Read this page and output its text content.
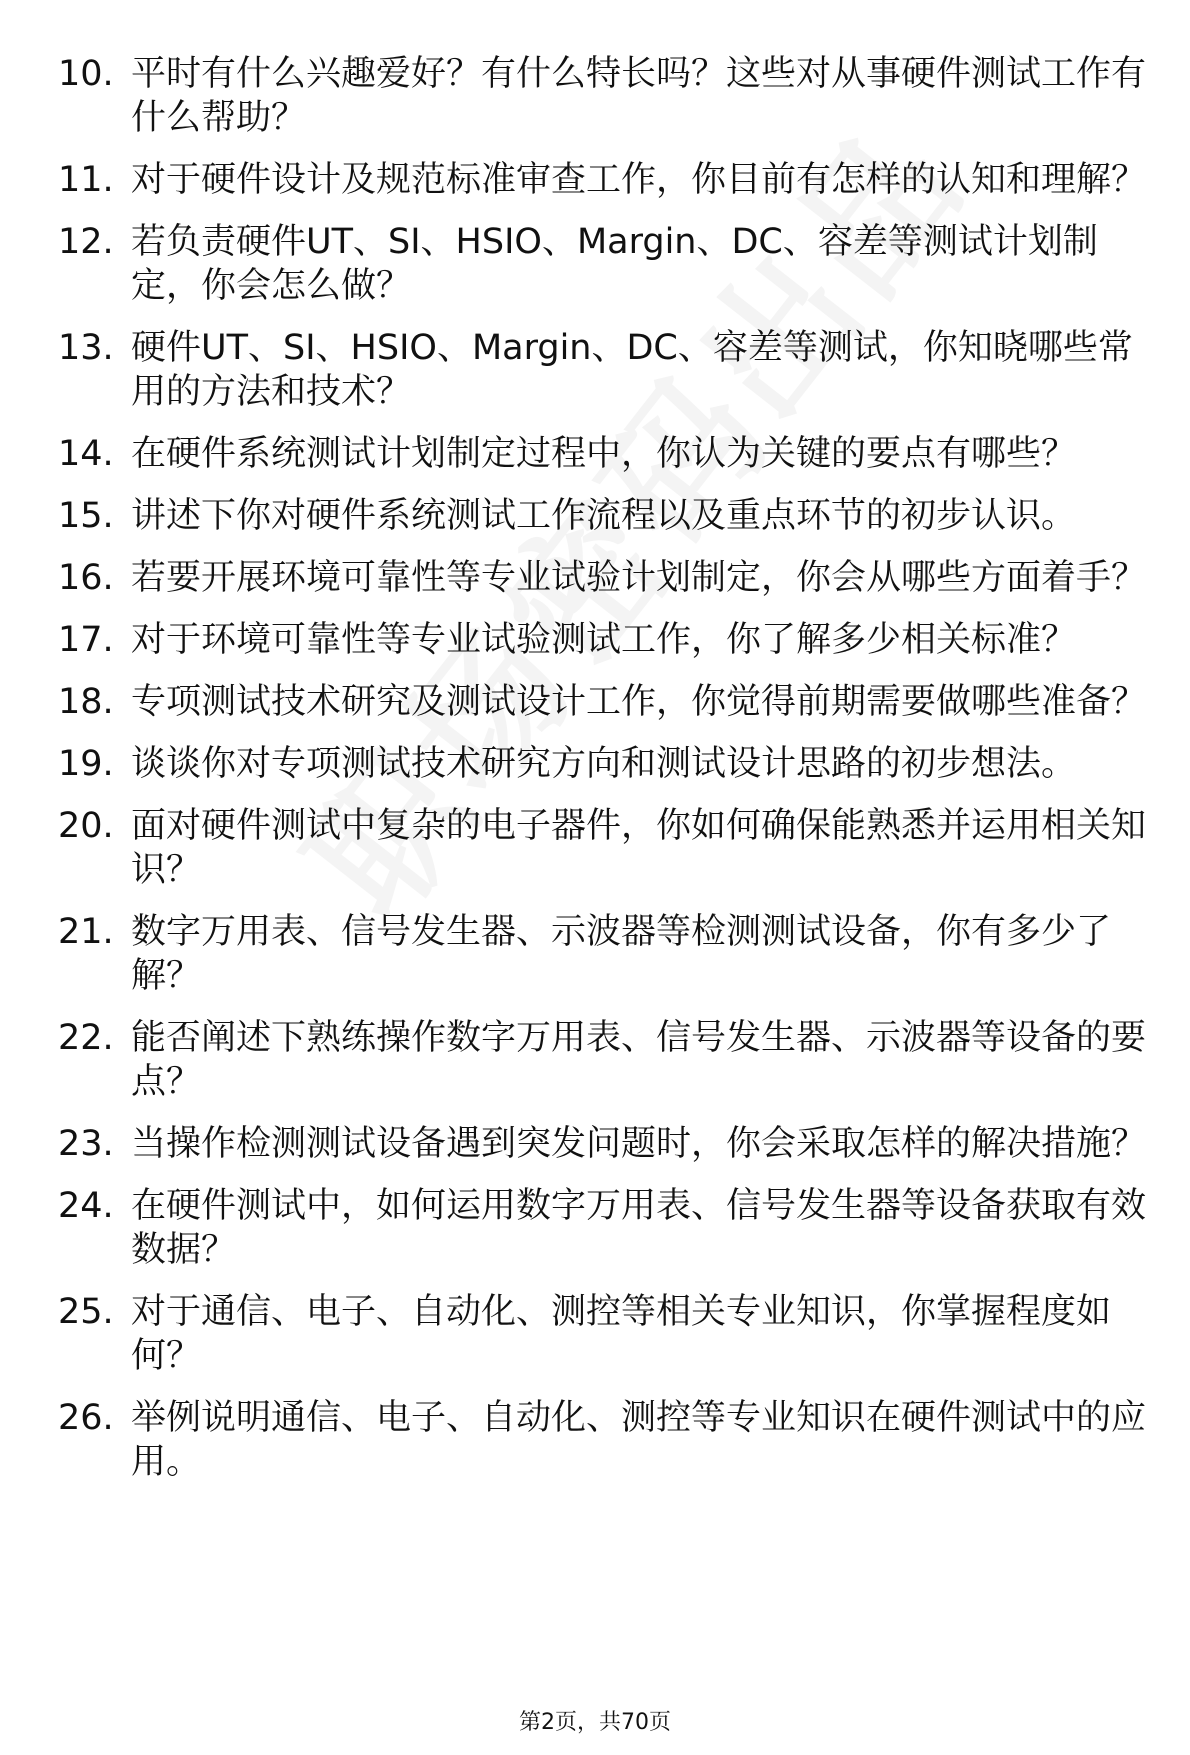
10. 平时有什么兴趣爱好？有什么特长吗？这些对从事硬件测试工作有什么帮助？
11. 对于硬件设计及规范标准审查工作，你目前有怎样的认知和理解？
12. 若负责硬件UT、SI、HSIO、Margin、DC、容差等测试计划制定，你会怎么做？
13. 硬件UT、SI、HSIO、Margin、DC、容差等测试，你知晓哪些常用的方法和技术？
14. 在硬件系统测试计划制定过程中，你认为关键的要点有哪些？
15. 讲述下你对硬件系统测试工作流程以及重点环节的初步认识。
16. 若要开展环境可靠性等专业试验计划制定，你会从哪些方面着手？
17. 对于环境可靠性等专业试验测试工作，你了解多少相关标准？
18. 专项测试技术研究及测试设计工作，你觉得前期需要做哪些准备？
19. 谈谈你对专项测试技术研究方向和测试设计思路的初步想法。
20. 面对硬件测试中复杂的电子器件，你如何确保能熟悉并运用相关知识？
21. 数字万用表、信号发生器、示波器等检测测试设备，你有多少了解？
22. 能否阐述下熟练操作数字万用表、信号发生器、示波器等设备的要点？
23. 当操作检测测试设备遇到突发问题时，你会采取怎样的解决措施？
24. 在硬件测试中，如何运用数字万用表、信号发生器等设备获取有效数据？
25. 对于通信、电子、自动化、测控等相关专业知识，你掌握程度如何？
26. 举例说明通信、电子、自动化、测控等专业知识在硬件测试中的应用。
第2页，共70页
